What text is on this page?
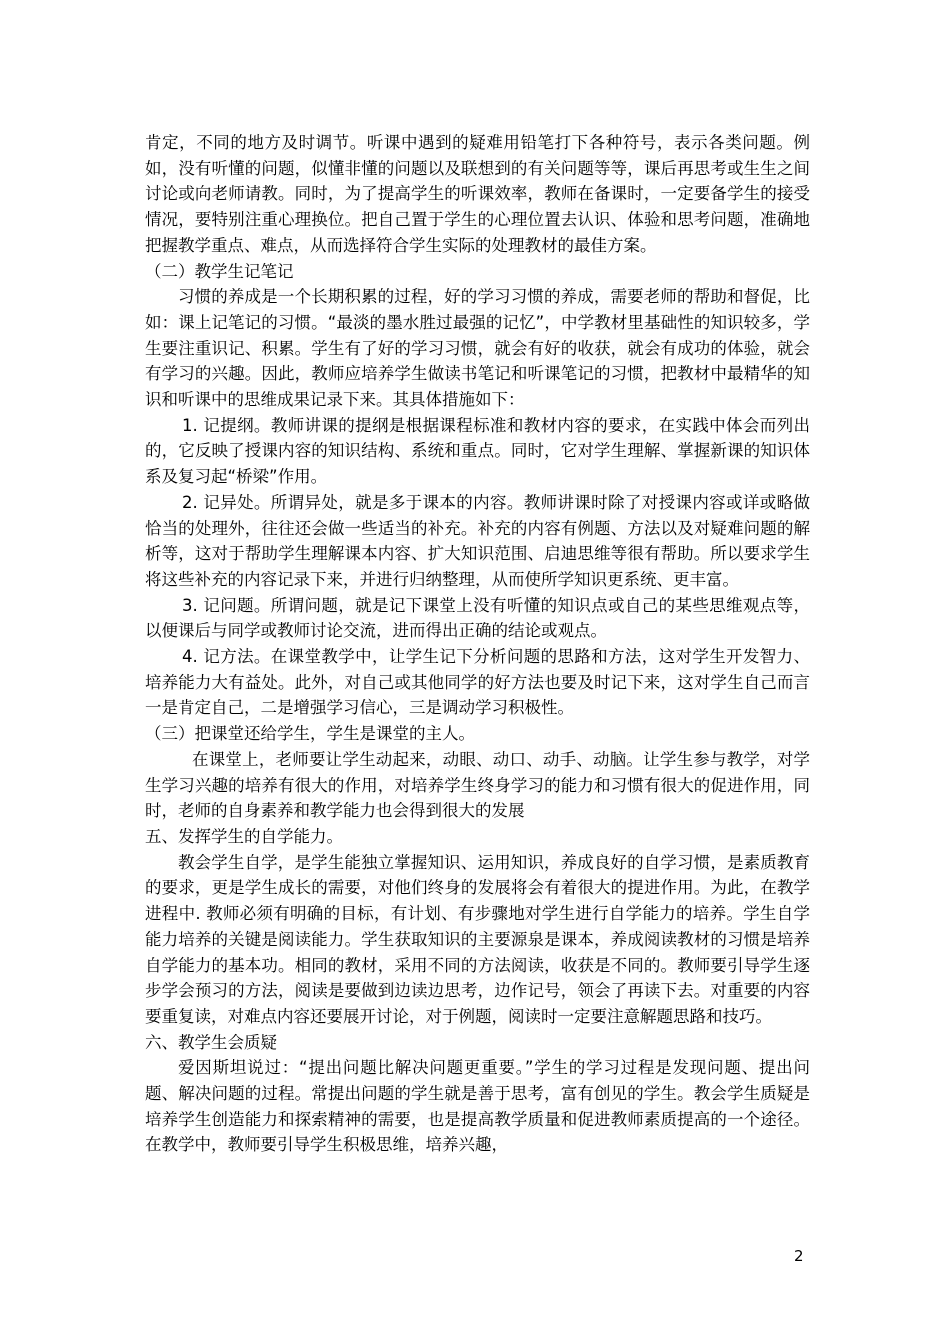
肯定，不同的地方及时调节。听课中遇到的疑难用铅笔打下各种符号，表示各类问题。例如，没有听懂的问题，似懂非懂的问题以及联想到的有关问题等等，课后再思考或生生之间讨论或向老师请教。同时，为了提高学生的听课效率，教师在备课时，一定要备学生的接受情况，要特别注重心理换位。把自己置于学生的心理位置去认识、体验和思考问题，准确地把握教学重点、难点，从而选择符合学生实际的处理教材的最佳方案。

（二）教学生记笔记

习惯的养成是一个长期积累的过程，好的学习习惯的养成，需要老师的帮助和督促，比如：课上记笔记的习惯。“最淡的墨水胜过最强的记忆”，中学教材里基础性的知识较多，学生要注重识记、积累。学生有了好的学习习惯，就会有好的收获，就会有成功的体验，就会有学习的兴趣。因此，教师应培养学生做读书笔记和听课笔记的习惯，把教材中最精华的知识和听课中的思维成果记录下来。其具体措施如下：

1. 记提纲。教师讲课的提纲是根据课程标准和教材内容的要求，在实践中体会而列出的，它反映了授课内容的知识结构、系统和重点。同时，它对学生理解、掌握新课的知识体系及复习起“桥梁”作用。

2. 记异处。所谓异处，就是多于课本的内容。教师讲课时除了对授课内容或详或略做恰当的处理外，往往还会做一些适当的补充。补充的内容有例题、方法以及对疑难问题的解析等，这对于帮助学生理解课本内容、扩大知识范围、启迪思维等很有帮助。所以要求学生将这些补充的内容记录下来，并进行归纳整理，从而使所学知识更系统、更丰富。

3. 记问题。所谓问题，就是记下课堂上没有听懂的知识点或自己的某些思维观点等，以便课后与同学或教师讨论交流，进而得出正确的结论或观点。

4. 记方法。在课堂教学中，让学生记下分析问题的思路和方法，这对学生开发智力、培养能力大有益处。此外，对自己或其他同学的好方法也要及时记下来，这对学生自己而言一是肯定自己，二是增强学习信心，三是调动学习积极性。

（三）把课堂还给学生，学生是课堂的主人。

在课堂上，老师要让学生动起来，动眼、动口、动手、动脑。让学生参与教学，对学生学习兴趣的培养有很大的作用，对培养学生终身学习的能力和习惯有很大的促进作用，同时，老师的自身素养和教学能力也会得到很大的发展

五、发挥学生的自学能力。

教会学生自学，是学生能独立掌握知识、运用知识，养成良好的自学习惯，是素质教育的要求，更是学生成长的需要，对他们终身的发展将会有着很大的提进作用。为此，在教学进程中. 教师必须有明确的目标，有计划、有步骤地对学生进行自学能力的培养。学生自学能力培养的关键是阅读能力。学生获取知识的主要源泉是课本，养成阅读教材的习惯是培养自学能力的基本功。相同的教材，采用不同的方法阅读，收获是不同的。教师要引导学生逐步学会预习的方法，阅读是要做到边读边思考，边作记号，领会了再读下去。对重要的内容要重复读，对难点内容还要展开讨论，对于例题，阅读时一定要注意解题思路和技巧。

六、教学生会质疑

爱因斯坦说过：“提出问题比解决问题更重要。”学生的学习过程是发现问题、提出问题、解决问题的过程。常提出问题的学生就是善于思考，富有创见的学生。教会学生质疑是培养学生创造能力和探索精神的需要，也是提高教学质量和促进教师素质提高的一个途径。在教学中，教师要引导学生积极思维，培养兴趣，

2
